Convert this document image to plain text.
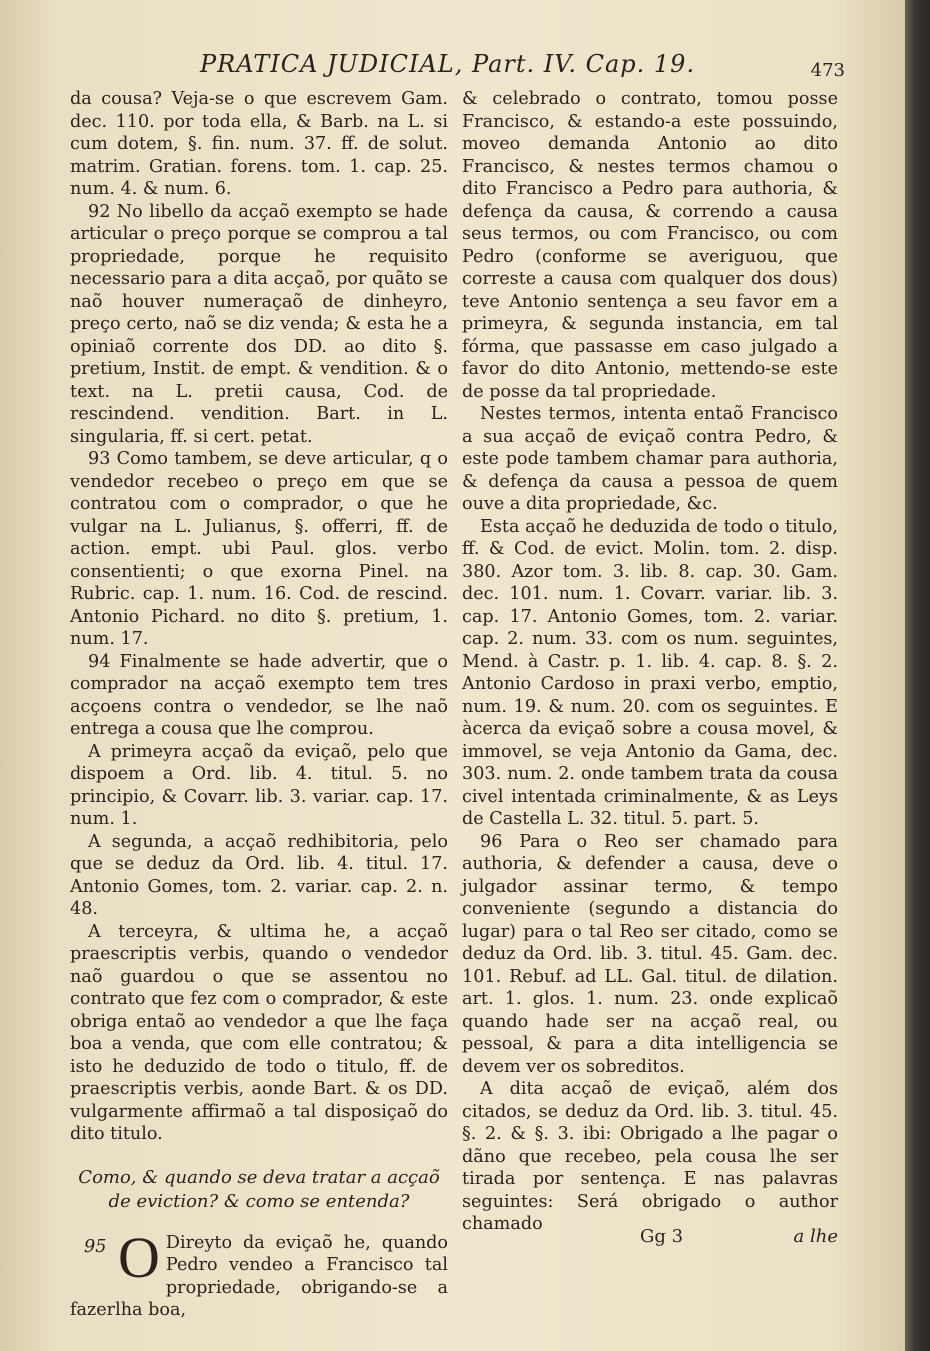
PRATICA JUDICIAL, Part. IV. Cap. 19.	473

da cousa? Veja-se o que escrevem Gam. dec. 110. por toda ella, & Barb. na L. si cum dotem, §. fin. num. 37. ff. de solut. matrim. Gratian. forens. tom. 1. cap. 25. num. 4. & num. 6.

92 No libello da acçaõ exempto se hade articular o preço porque se comprou a tal propriedade, porque he requisito necessario para a dita acçaõ, por quãto se naõ houver numeraçaõ de dinheyro, preço certo, naõ se diz venda; & esta he a opiniaõ corrente dos DD. ao dito §. pretium, Instit. de empt. & vendition. & o text. na L. pretii causa, Cod. de rescindend. vendition. Bart. in L. singularia, ff. si cert. petat.

93 Como tambem, se deve articular, q o vendedor recebeo o preço em que se contratou com o comprador, o que he vulgar na L. Julianus, §. offerri, ff. de action. empt. ubi Paul. glos. verbo consentienti; o que exorna Pinel. na Rubric. cap. 1. num. 16. Cod. de rescind. Antonio Pichard. no dito §. pretium, 1. num. 17.

94 Finalmente se hade advertir, que o comprador na acçaõ exempto tem tres acçoens contra o vendedor, se lhe naõ entrega a cousa que lhe comprou.

A primeyra acçaõ da eviçaõ, pelo que dispoem a Ord. lib. 4. titul. 5. no principio, & Covarr. lib. 3. variar. cap. 17. num. 1.

A segunda, a acçaõ redhibitoria, pelo que se deduz da Ord. lib. 4. titul. 17. Antonio Gomes, tom. 2. variar. cap. 2. n. 48.

A terceyra, & ultima he, a acçaõ praescriptis verbis, quando o vendedor naõ guardou o que se assentou no contrato que fez com o comprador, & este obriga entaõ ao vendedor a que lhe faça boa a venda, que com elle contratou; & isto he deduzido de todo o titulo, ff. de praescriptis verbis, aonde Bart. & os DD. vulgarmente affirmaõ a tal disposiçaõ do dito titulo.

Como, & quando se deva tratar a acçaõ de eviction? & como se entenda?

95 O Direyto da eviçaõ he, quando Pedro vendeo a Francisco tal propriedade, obrigando-se a fazerlha boa,

& celebrado o contrato, tomou posse Francisco, & estando-a este possuindo, moveo demanda Antonio ao dito Francisco, & nestes termos chamou o dito Francisco a Pedro para authoria, & defença da causa, & correndo a causa seus termos, ou com Francisco, ou com Pedro (conforme se averiguou, que correste a causa com qualquer dos dous) teve Antonio sentença a seu favor em a primeyra, & segunda instancia, em tal fórma, que passasse em caso julgado a favor do dito Antonio, mettendo-se este de posse da tal propriedade.

Nestes termos, intenta entaõ Francisco a sua acçaõ de eviçaõ contra Pedro, & este pode tambem chamar para authoria, & defença da causa a pessoa de quem ouve a dita propriedade, &c.

Esta acçaõ he deduzida de todo o titulo, ff. & Cod. de evict. Molin. tom. 2. disp. 380. Azor tom. 3. lib. 8. cap. 30. Gam. dec. 101. num. 1. Covarr. variar. lib. 3. cap. 17. Antonio Gomes, tom. 2. variar. cap. 2. num. 33. com os num. seguintes, Mend. à Castr. p. 1. lib. 4. cap. 8. §. 2. Antonio Cardoso in praxi verbo, emptio, num. 19. & num. 20. com os seguintes. E àcerca da eviçaõ sobre a cousa movel, & immovel, se veja Antonio da Gama, dec. 303. num. 2. onde tambem trata da cousa civel intentada criminalmente, & as Leys de Castella L. 32. titul. 5. part. 5.

96 Para o Reo ser chamado para authoria, & defender a causa, deve o julgador assinar termo, & tempo conveniente (segundo a distancia do lugar) para o tal Reo ser citado, como se deduz da Ord. lib. 3. titul. 45. Gam. dec. 101. Rebuf. ad LL. Gal. titul. de dilation. art. 1. glos. 1. num. 23. onde explicaõ quando hade ser na acçaõ real, ou pessoal, & para a dita intelligencia se devem ver os sobreditos.

A dita acçaõ de eviçaõ, além dos citados, se deduz da Ord. lib. 3. titul. 45. §. 2. & §. 3. ibi: Obrigado a lhe pagar o dãno que recebeo, pela cousa lhe ser tirada por sentença. E nas palavras seguintes: Será obrigado o author chamado

Gg 3	a lhe
